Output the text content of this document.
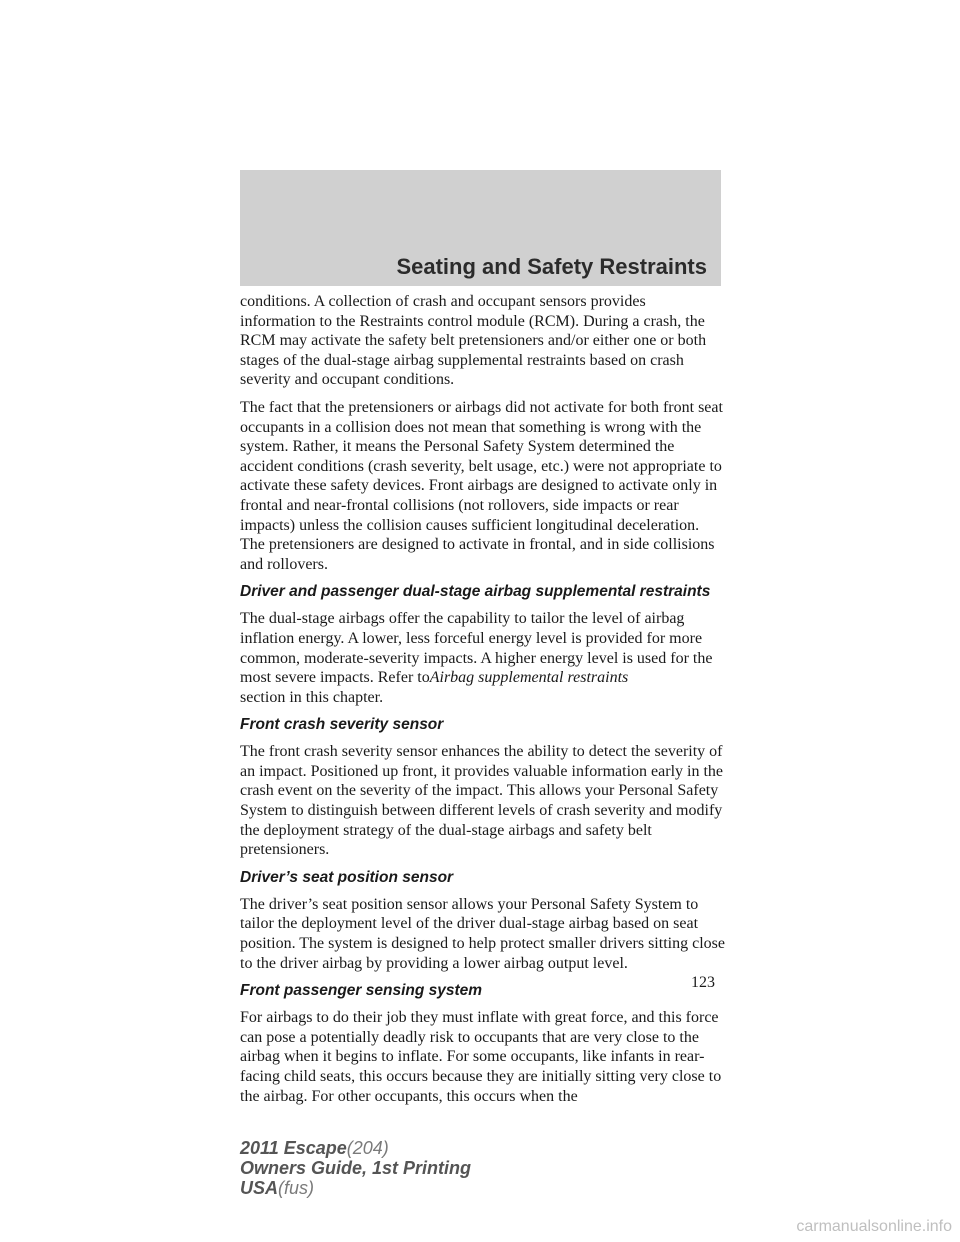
Seating and Safety Restraints

conditions. A collection of crash and occupant sensors provides information to the Restraints control module (RCM). During a crash, the RCM may activate the safety belt pretensioners and/or either one or both stages of the dual-stage airbag supplemental restraints based on crash severity and occupant conditions.

The fact that the pretensioners or airbags did not activate for both front seat occupants in a collision does not mean that something is wrong with the system. Rather, it means the Personal Safety System determined the accident conditions (crash severity, belt usage, etc.) were not appropriate to activate these safety devices. Front airbags are designed to activate only in frontal and near-frontal collisions (not rollovers, side impacts or rear impacts) unless the collision causes sufficient longitudinal deceleration. The pretensioners are designed to activate in frontal, and in side collisions and rollovers.

Driver and passenger dual-stage airbag supplemental restraints

The dual-stage airbags offer the capability to tailor the level of airbag inflation energy. A lower, less forceful energy level is provided for more common, moderate-severity impacts. A higher energy level is used for the most severe impacts. Refer toAirbag supplemental restraints
section in this chapter.

Front crash severity sensor

The front crash severity sensor enhances the ability to detect the severity of an impact. Positioned up front, it provides valuable information early in the crash event on the severity of the impact. This allows your Personal Safety System to distinguish between different levels of crash severity and modify the deployment strategy of the dual-stage airbags and safety belt pretensioners.

Driver’s seat position sensor

The driver’s seat position sensor allows your Personal Safety System to tailor the deployment level of the driver dual-stage airbag based on seat position. The system is designed to help protect smaller drivers sitting close to the driver airbag by providing a lower airbag output level.

Front passenger sensing system

For airbags to do their job they must inflate with great force, and this force can pose a potentially deadly risk to occupants that are very close to the airbag when it begins to inflate. For some occupants, like infants in rear-facing child seats, this occurs because they are initially sitting very close to the airbag. For other occupants, this occurs when the

123
2011 Escape(204)
Owners Guide, 1st Printing
USA(fus)
carmanualsonline.info
